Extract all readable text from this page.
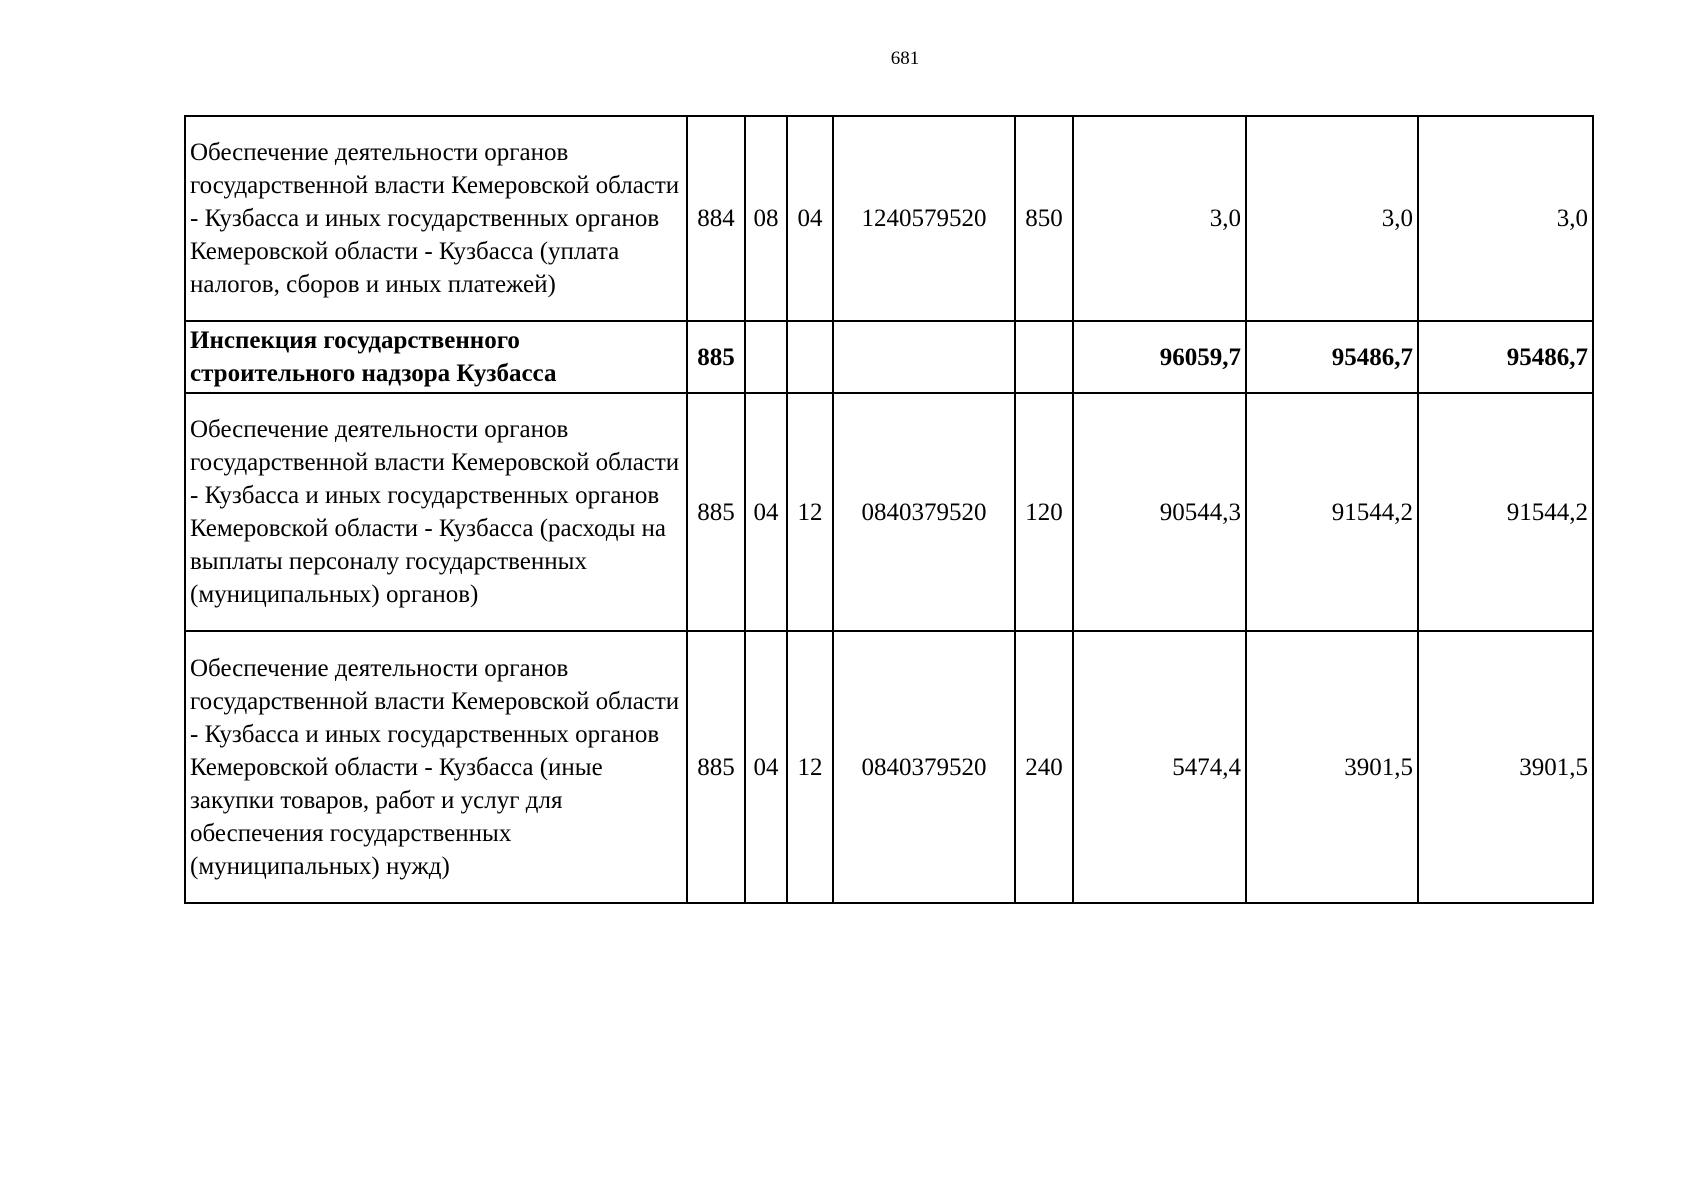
681
Обеспечение деятельности органов государственной власти Кемеровской области - Кузбасса и иных государственных органов Кемеровской области - Кузбасса (уплата налогов, сборов и иных платежей)	884	08	04	1240579520	850	3,0	3,0	3,0
Инспекция государственного строительного надзора Кузбасса	885					96059,7	95486,7	95486,7
Обеспечение деятельности органов государственной власти Кемеровской области - Кузбасса и иных государственных органов Кемеровской области - Кузбасса (расходы на выплаты персоналу государственных (муниципальных) органов)	885	04	12	0840379520	120	90544,3	91544,2	91544,2
Обеспечение деятельности органов государственной власти Кемеровской области - Кузбасса и иных государственных органов Кемеровской области - Кузбасса (иные закупки товаров, работ и услуг для обеспечения государственных (муниципальных) нужд)	885	04	12	0840379520	240	5474,4	3901,5	3901,5
